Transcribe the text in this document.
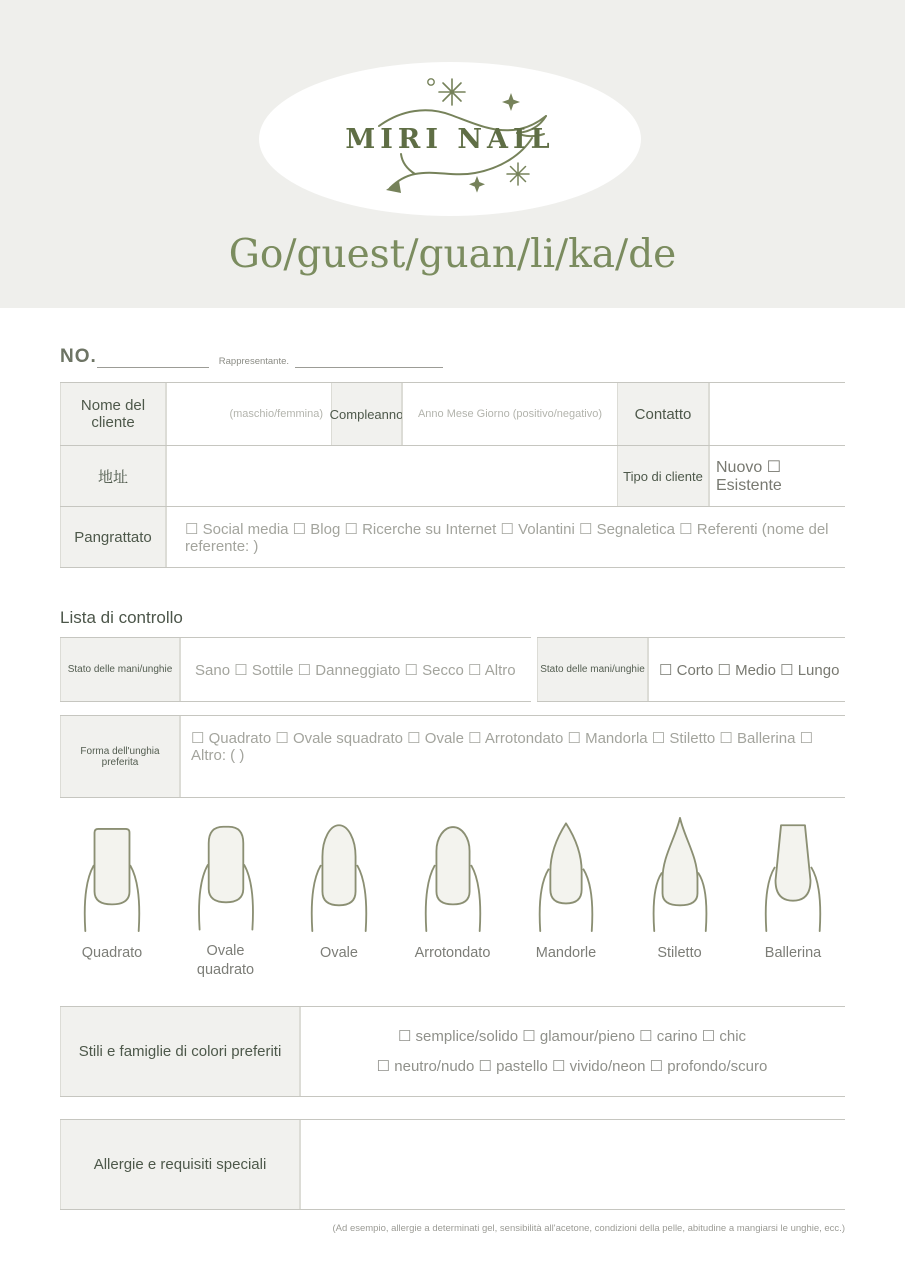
MIRI NAIL
Go/guest/guan/li/ka/de
NO.	Rappresentante.
Nome del cliente	(maschio/femmina) Compleanno	Anno Mese Giorno (positivo/negativo)	Contatto
地址	Tipo di cliente Nuovo ☐ Esistente
Pangrattato	☐ Social media ☐ Blog ☐ Ricerche su Internet ☐ Volantini ☐ Segnaletica ☐ Referenti (nome del referente: )
Lista di controllo
Stato delle mani/unghie	Sano ☐ Sottile ☐ Danneggiato ☐ Secco ☐ Altro	Stato delle mani/unghie ☐ Corto ☐ Medio ☐ Lungo
Forma dell'unghia preferita
☐ Quadrato ☐ Ovale squadrato ☐ Ovale ☐ Arrotondato ☐ Mandorla ☐ Stiletto ☐ Ballerina ☐ Altro: ( )
Quadrato	Ovale quadrato
Ovale	Arrotondato	Mandorle	Stiletto	Ballerina
Stili e famiglie di colori preferiti
☐ semplice/solido ☐ glamour/pieno ☐ carino ☐ chic
☐ neutro/nudo ☐ pastello ☐ vivido/neon ☐ profondo/scuro
Allergie e requisiti speciali
(Ad esempio, allergie a determinati gel, sensibilità all'acetone, condizioni della pelle, abitudine a mangiarsi le unghie, ecc.)
